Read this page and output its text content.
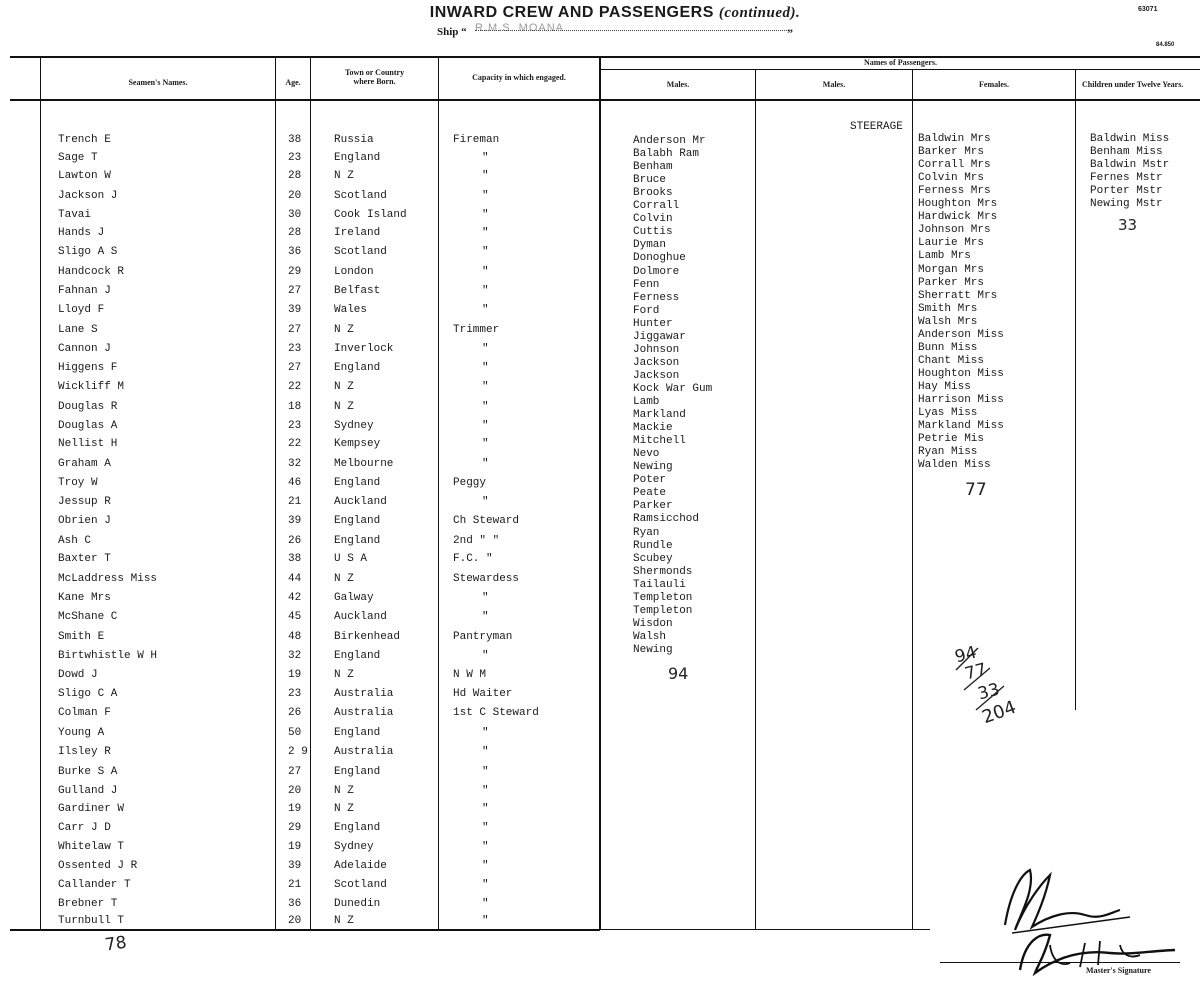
INWARD CREW AND PASSENGERS (continued).	63071
84.850
Ship “ R.M.S. MOANA	”
Seamen's Names.	Age.
Town or Country
where Born.	Capacity in which engaged.
Names of Passengers.
Males.	Males.	Females.	Children under Twelve Years.
Trench E	38	Russia	Fireman
Sage T	23	England	"
Lawton W	28	N Z	"
Jackson J	20	Scotland	"
Tavai	30	Cook Island	"
Hands J	28	Ireland	"
Sligo A S	36	Scotland	"
Handcock R	29	London	"
Fahnan J	27	Belfast	"
Lloyd F	39	Wales	"
Lane S	27	N Z	Trimmer
Cannon J	23	Inverlock	"
Higgens F	27	England	"
Wickliff M	22	N Z	"
Douglas R	18	N Z	"
Douglas A	23	Sydney	"
Nellist H	22	Kempsey	"
Graham A	32	Melbourne	"
Troy W	46	England	Peggy
Jessup R	21	Auckland	"
Obrien J	39	England	Ch Steward
Ash C	26	England	2nd " "
Baxter T	38	U S A	F.C. "
McLaddress Miss	44	N Z	Stewardess
Kane Mrs	42	Galway	"
McShane C	45	Auckland	"
Smith E	48	Birkenhead	Pantryman
Birtwhistle W H	32	England	"
Dowd J	19	N Z	N W M
Sligo C A	23	Australia	Hd Waiter
Colman F	26	Australia	1st C Steward
Young A	50	England	"
Ilsley R	2 9 Australia	"
Burke S A	27	England	"
Gulland J	20	N Z	"
Gardiner W	19	N Z	"
Carr J D	29	England	"
Whitelaw T	19	Sydney	"
Ossented J R	39	Adelaide	"
Callander T	21	Scotland	"
Brebner T	36	Dunedin	"
Turnbull T	20	N Z	"
STEERAGE
Anderson Mr
Balabh Ram
Benham
Bruce
Brooks
Corrall
Colvin
Cuttis
Dyman
Donoghue
Dolmore
Fenn
Ferness
Ford
Hunter
Jiggawar
Johnson
Jackson
Jackson
Kock War Gum
Lamb
Markland
Mackie
Mitchell
Nevo
Newing
Poter
Peate
Parker
Ramsicchod
Ryan
Rundle
Scubey
Shermonds
Tailauli
Templeton
Templeton
Wisdon
Walsh
Newing
Baldwin Mrs
Barker Mrs
Corrall Mrs
Colvin Mrs
Ferness Mrs
Houghton Mrs
Hardwick Mrs
Johnson Mrs
Laurie Mrs
Lamb Mrs
Morgan Mrs
Parker Mrs
Sherratt Mrs
Smith Mrs
Walsh Mrs
Anderson Miss
Bunn Miss
Chant Miss
Houghton Miss
Hay Miss
Harrison Miss
Lyas Miss
Markland Miss
Petrie Mis
Ryan Miss
Walden Miss
Baldwin Miss
Benham Miss
Baldwin Mstr
Fernes Mstr
Porter Mstr
Newing Mstr
78
94
77
33
94
77
33
204
Master's Signature
